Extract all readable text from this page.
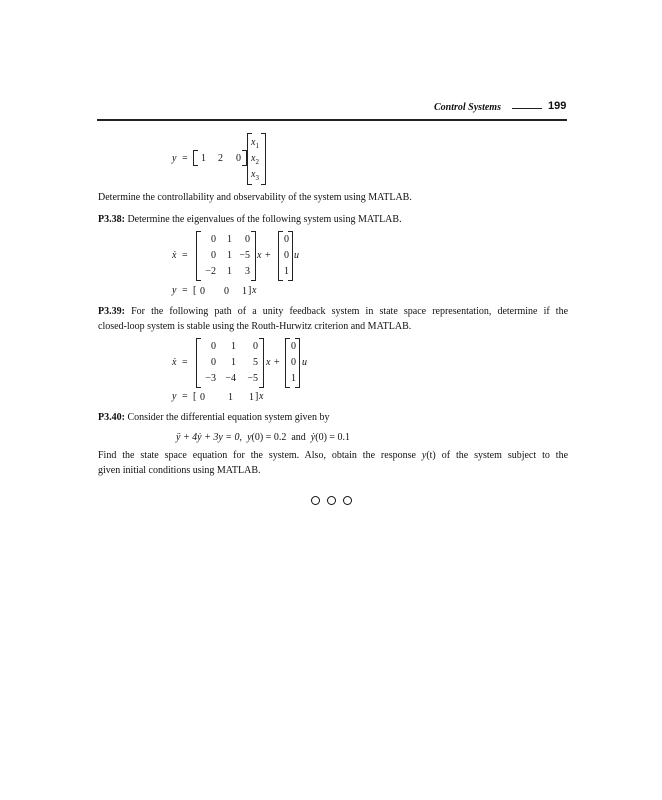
Control Systems	199
y =	1	2	0
$x_1$
$x_2$
$x_3$
Determine the controllability and observability of the system using MATLAB.
P3.38: Determine the eigenvalues of the following system using MATLAB.
ẋ =
0	1	0
0	1 −5
−2	1	3
x +
0
0
1
u
y = [ 0	0	1 ] x
P3.39: For the following path of a unity feedback system in state space representation, determine if the
closed-loop system is stable using the Routh-Hurwitz criterion and MATLAB.
ẋ =
0	1	0
0	1	5
−3 −4	−5
x +
0
0
1
u
y = [ 0	1	1 ] x
P3.40: Consider the differential equation system given by
ÿ + 4ẏ + 3y = 0, y(0) = 0.2 and ẏ(0) = 0.1
Find the state space equation for the system. Also, obtain the response y(t) of the system subject to the
given initial conditions using MATLAB.
